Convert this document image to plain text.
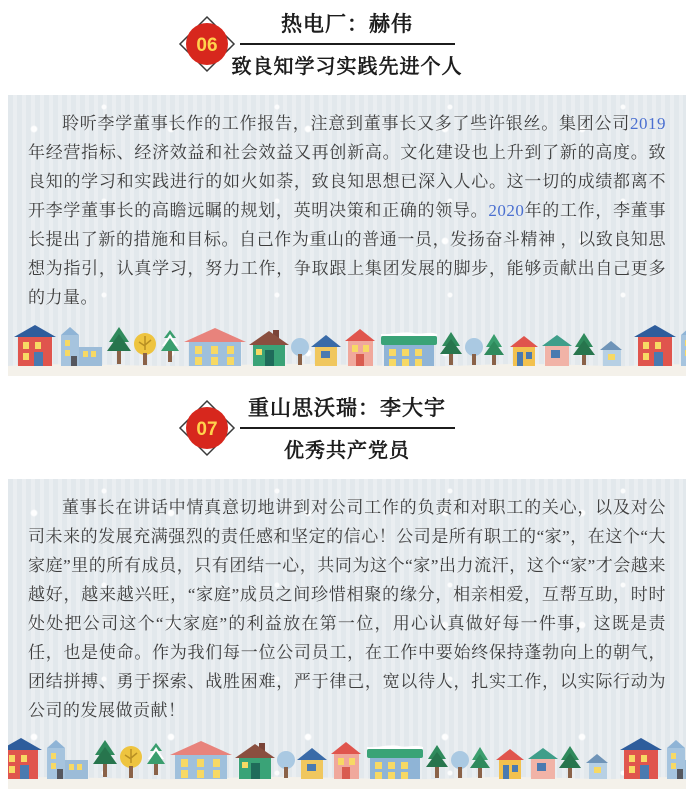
热电厂：赫伟
致良知学习实践先进个人
06

聆听李学董事长作的工作报告，注意到董事长又多了些许银丝。集团公司2019年经营指标、经济效益和社会效益又再创新高。文化建设也上升到了新的高度。致良知的学习和实践进行的如火如荼，致良知思想已深入人心。这一切的成绩都离不开李学董事长的高瞻远瞩的规划，英明决策和正确的领导。2020年的工作，李董事长提出了新的措施和目标。自己作为重山的普通一员，发扬奋斗精神 ，以致良知思想为指引，认真学习，努力工作，争取跟上集团发展的脚步，能够贡献出自己更多的力量。

重山思沃瑞：李大宇
优秀共产党员
07

董事长在讲话中情真意切地讲到对公司工作的负责和对职工的关心，以及对公司未来的发展充满强烈的责任感和坚定的信心！公司是所有职工的“家”，在这个“大家庭”里的所有成员，只有团结一心，共同为这个“家”出力流汗，这个“家”才会越来越好，越来越兴旺，“家庭”成员之间珍惜相聚的缘分，相亲相爱，互帮互助，时时处处把公司这个“大家庭”的利益放在第一位，用心认真做好每一件事，这既是责任，也是使命。作为我们每一位公司员工，在工作中要始终保持蓬勃向上的朝气，团结拼搏、勇于探索、战胜困难，严于律己，宽以待人，扎实工作，以实际行动为公司的发展做贡献！
